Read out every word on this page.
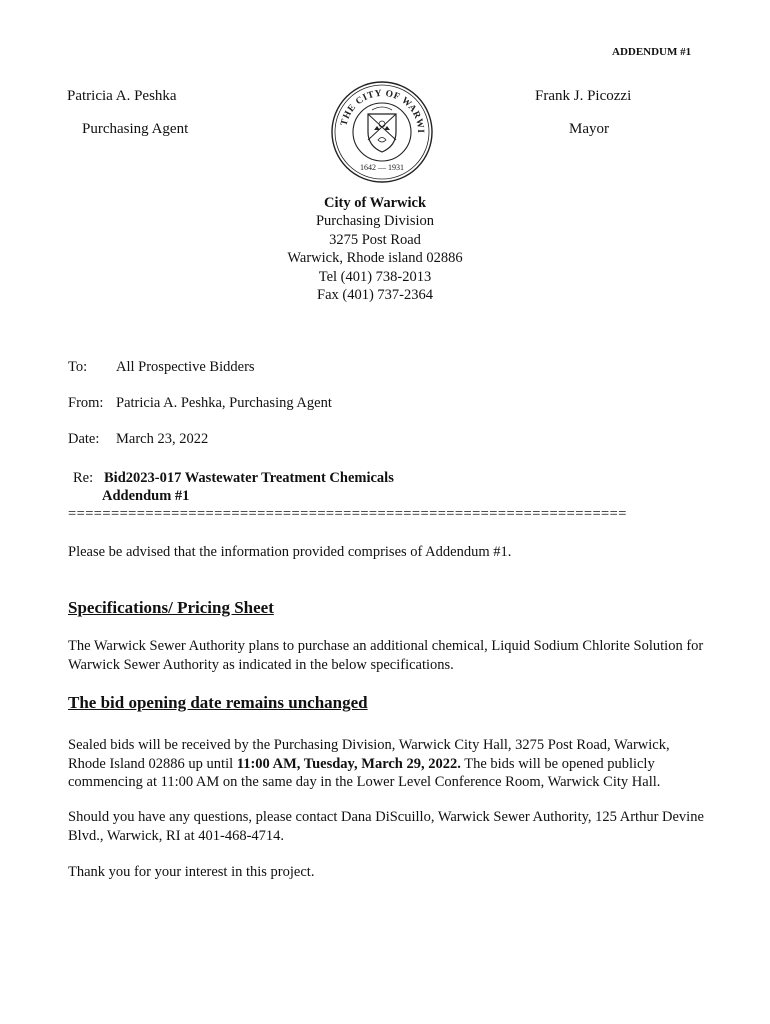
ADDENDUM #1
Patricia A. Peshka
Purchasing Agent
Frank J. Picozzi
Mayor
THE CITY OF WARWI
1642 — 1931
City of Warwick
Purchasing Division
3275 Post Road
Warwick, Rhode island 02886
Tel (401) 738-2013
Fax (401) 737-2364
To: All Prospective Bidders
From: Patricia A. Peshka, Purchasing Agent
Date: March 23, 2022
Re: Bid2023-017 Wastewater Treatment Chemicals
Addendum #1
=================================================================
Please be advised that the information provided comprises of Addendum #1.
Specifications/ Pricing Sheet
The Warwick Sewer Authority plans to purchase an additional chemical, Liquid Sodium Chlorite Solution for Warwick Sewer Authority as indicated in the below specifications.
The bid opening date remains unchanged
Sealed bids will be received by the Purchasing Division, Warwick City Hall, 3275 Post Road, Warwick, Rhode Island 02886 up until 11:00 AM, Tuesday, March 29, 2022. The bids will be opened publicly commencing at 11:00 AM on the same day in the Lower Level Conference Room, Warwick City Hall.
Should you have any questions, please contact Dana DiScuillo, Warwick Sewer Authority, 125 Arthur Devine Blvd., Warwick, RI at 401-468-4714.
Thank you for your interest in this project.
